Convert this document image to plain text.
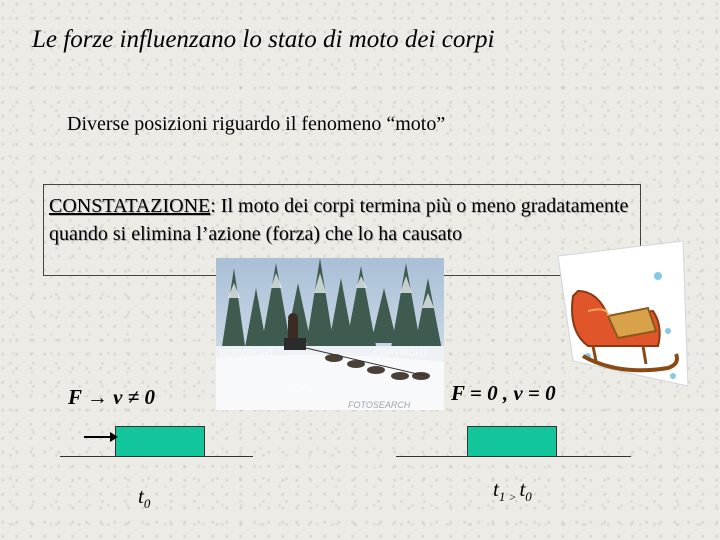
Le forze influenzano lo stato di moto dei corpi
Diverse posizioni riguardo il fenomeno “moto”
CONSTATAZIONE: Il moto dei corpi termina più o meno gradatamente quando si elimina l’azione (forza) che lo ha causato
COPYRIGHT	COPYRIGHT
COPY
FOTOSEARCH
F → v ≠ 0	F = 0 , v = 0
$t_0$
$t_1$ $_>$ $t_0$
